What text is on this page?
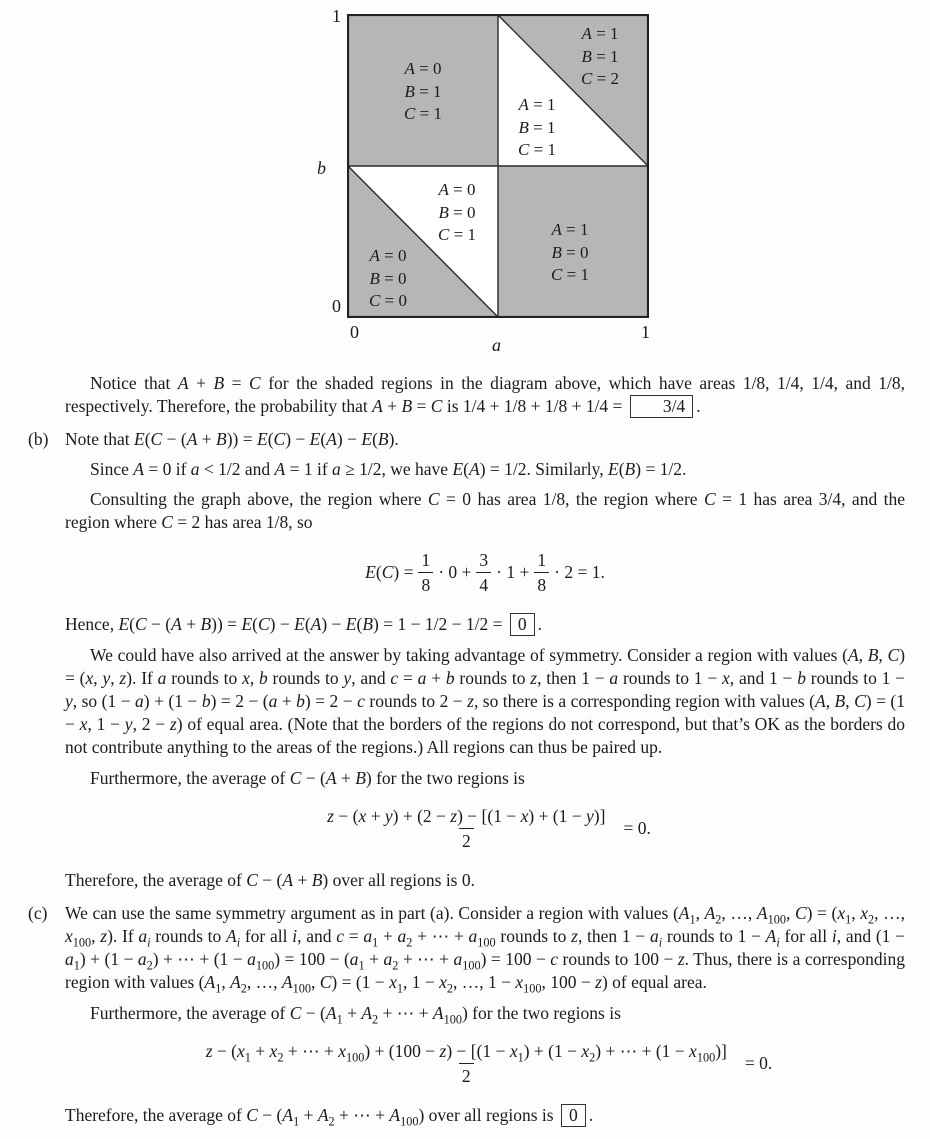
A = 0
B = 1
C = 1
A = 1
B = 1
C = 2
A = 1
B = 1
C = 1
A = 0
B = 0
C = 1
A = 0
B = 0
C = 0
A = 1
B = 0
C = 1
1
b
0
0	1
a

Notice that A + B = C for the shaded regions in the diagram above, which have areas 1/8, 1/4, 1/4, and 1/8, respectively. Therefore, the probability that A + B = C is 1/4 + 1/8 + 1/8 + 1/4 = 3/4 .

(b) Note that E(C − (A + B)) = E(C) − E(A) − E(B).

Since A = 0 if a < 1/2 and A = 1 if a ≥ 1/2, we have E(A) = 1/2. Similarly, E(B) = 1/2.

Consulting the graph above, the region where C = 0 has area 1/8, the region where C = 1 has area 3/4, and the region where C = 2 has area 1/8, so

$E(C) = \frac{1}{8} \cdot 0 + \frac{3}{4} \cdot 1 + \frac{1}{8} \cdot 2 = 1$.

Hence, E(C − (A + B)) = E(C) − E(A) − E(B) = 1 − 1/2 − 1/2 = 0 .

We could have also arrived at the answer by taking advantage of symmetry. Consider a region with values (A, B, C) = (x, y, z). If a rounds to x, b rounds to y, and c = a + b rounds to z, then 1 − a rounds to 1 − x, and 1 − b rounds to 1 − y, so (1 − a) + (1 − b) = 2 − (a + b) = 2 − c rounds to 2 − z, so there is a corresponding region with values (A, B, C) = (1 − x, 1 − y, 2 − z) of equal area. (Note that the borders of the regions do not correspond, but that’s OK as the borders do not contribute anything to the areas of the regions.) All regions can thus be paired up.

Furthermore, the average of C − (A + B) for the two regions is

$\frac{z - (x + y) + (2 - z) - [(1 - x) + (1 - y)]}{2} = 0$.

Therefore, the average of C − (A + B) over all regions is 0.

(c) We can use the same symmetry argument as in part (a). Consider a region with values ($A_1$, $A_2$, …, $A_{100}$, $C) = (x_1$, $x_2$, …, $x_{100}$, z). If $a_i$ rounds to $A_i$ for all i, and $c = a_1 + a_2$ + ⋯ + $a_{100}$ rounds to z, then $1 - a_i$ rounds to $1 - A_i$ for all i, and $(1 - a_1) + (1 - a_2)$ + ⋯ + $(1 - a_{100}) = 100 - (a_1 + a_2$ + ⋯ + $a_{100}) = 100 - c$ rounds to 100 − z. Thus, there is a corresponding region with values ($A_1$, $A_2$, …, $A_{100}$, $C) = (1 - x_1$, $1 - x_2$, …, $1 - x_{100}$, 100 − z) of equal area.

Furthermore, the average of $C - (A_1 + A_2$ + ⋯ + $A_{100}$) for the two regions is

$z - (x_1 + x_2$ + ⋯ + $x_{100}) + (100 - z) - [(1 - x_1) + (1 - x_2)$ + ⋯ + $(1 - x_{100})$]
2
= 0.

Therefore, the average of $C - (A_1 + A_2$ + ⋯ + $A_{100}$) over all regions is 0 .
